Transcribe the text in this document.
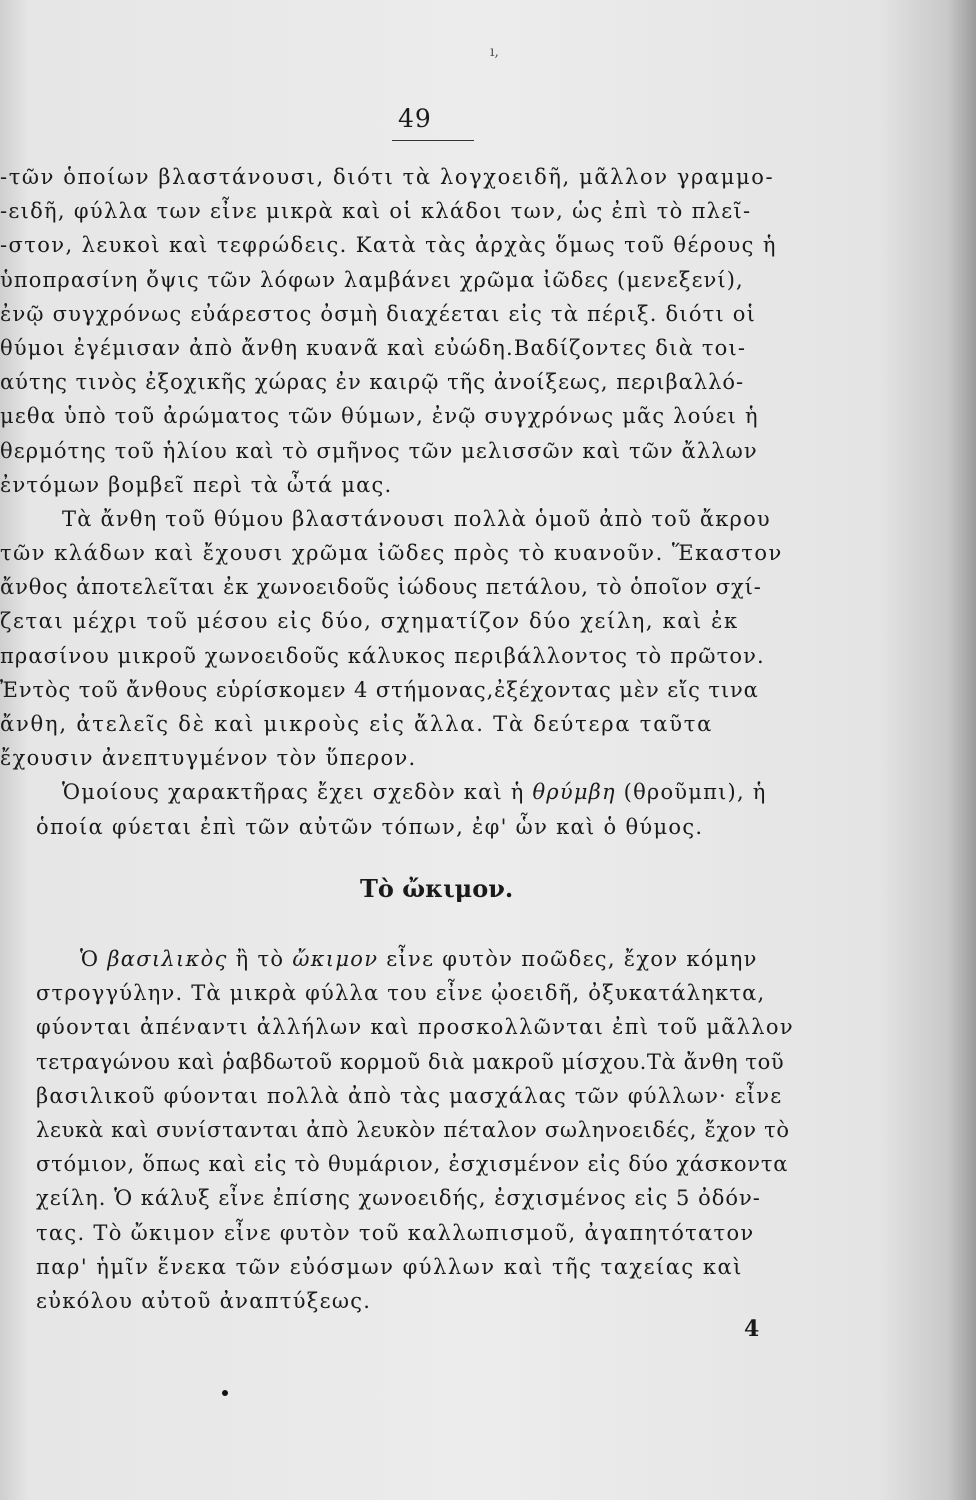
ı,
49
-τῶν ὁποίων βλαστάνουσι, διότι τὰ λογχοειδῆ, μᾶλλον γραμμο-
-ειδῆ, φύλλα των εἶνε μικρὰ καὶ οἱ κλάδοι των, ὡς ἐπὶ τὸ πλεῖ-
-στον, λευκοὶ καὶ τεφρώδεις. Κατὰ τὰς ἀρχὰς ὅμως τοῦ θέρους ἡ
ὑποπρασίνη ὄψις τῶν λόφων λαμβάνει χρῶμα ἰῶδες (μενεξενί),
ἐνῷ συγχρόνως εὐάρεστος ὀσμὴ διαχέεται εἰς τὰ πέριξ. διότι οἱ
θύμοι ἐγέμισαν ἀπὸ ἄνθη κυανᾶ καὶ εὐώδη.Βαδίζοντες διὰ τοι-
αύτης τινὸς ἐξοχικῆς χώρας ἐν καιρῷ τῆς ἀνοίξεως, περιβαλλό-
μεθα ὑπὸ τοῦ ἀρώματος τῶν θύμων, ἐνῷ συγχρόνως μᾶς λούει ἡ
θερμότης τοῦ ἡλίου καὶ τὸ σμῆνος τῶν μελισσῶν καὶ τῶν ἄλλων
ἐντόμων βομβεῖ περὶ τὰ ὦτά μας.
Τὰ ἄνθη τοῦ θύμου βλαστάνουσι πολλὰ ὁμοῦ ἀπὸ τοῦ ἄκρου
τῶν κλάδων καὶ ἔχουσι χρῶμα ἰῶδες πρὸς τὸ κυανοῦν. Ἕκαστον
ἄνθος ἀποτελεῖται ἐκ χωνοειδοῦς ἰώδους πετάλου, τὸ ὁποῖον σχί-
ζεται μέχρι τοῦ μέσου εἰς δύο, σχηματίζον δύο χείλη, καὶ ἐκ
πρασίνου μικροῦ χωνοειδοῦς κάλυκος περιβάλλοντος τὸ πρῶτον.
Ἐντὸς τοῦ ἄνθους εὑρίσκομεν 4 στήμονας,ἐξέχοντας μὲν εἴς τινα
ἄνθη, ἀτελεῖς δὲ καὶ μικροὺς εἰς ἄλλα. Τὰ δεύτερα ταῦτα
ἔχουσιν ἀνεπτυγμένον τὸν ὕπερον.
Ὁμοίους χαρακτῆρας ἔχει σχεδὸν καὶ ἡ θρύμβη (θροῦμπι), ἡ
ὁποία φύεται ἐπὶ τῶν αὐτῶν τόπων, ἐφ' ὧν καὶ ὁ θύμος.
Τὸ ὤκιμον.
Ὁ βασιλικὸς ἢ τὸ ὤκιμον εἶνε φυτὸν ποῶδες, ἔχον κόμην
στρογγύλην. Τὰ μικρὰ φύλλα του εἶνε ᾠοειδῆ, ὀξυκατάληκτα,
φύονται ἀπέναντι ἀλλήλων καὶ προσκολλῶνται ἐπὶ τοῦ μᾶλλον
τετραγώνου καὶ ῥαβδωτοῦ κορμοῦ διὰ μακροῦ μίσχου.Τὰ ἄνθη τοῦ
βασιλικοῦ φύονται πολλὰ ἀπὸ τὰς μασχάλας τῶν φύλλων· εἶνε
λευκὰ καὶ συνίστανται ἀπὸ λευκὸν πέταλον σωληνοειδές, ἔχον τὸ
στόμιον, ὅπως καὶ εἰς τὸ θυμάριον, ἐσχισμένον εἰς δύο χάσκοντα
χείλη. Ὁ κάλυξ εἶνε ἐπίσης χωνοειδής, ἐσχισμένος εἰς 5 ὀδόν-
τας. Τὸ ὤκιμον εἶνε φυτὸν τοῦ καλλωπισμοῦ, ἀγαπητότατον
παρ' ἡμῖν ἕνεκα τῶν εὐόσμων φύλλων καὶ τῆς ταχείας καὶ
εὐκόλου αὐτοῦ ἀναπτύξεως.
4
